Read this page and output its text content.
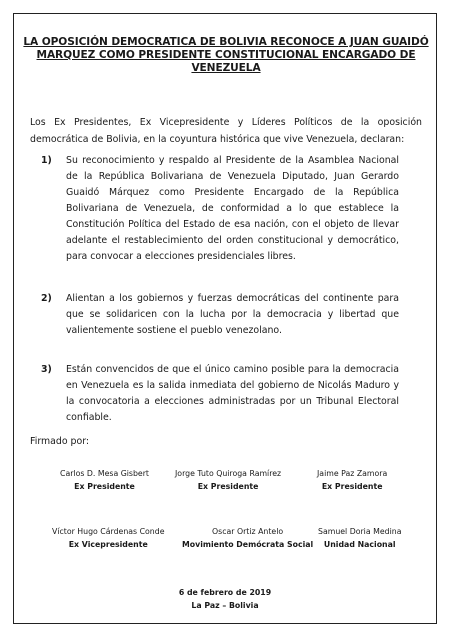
LA OPOSICIÓN DEMOCRATICA DE BOLIVIA RECONOCE A JUAN GUAIDÓ
MARQUEZ COMO PRESIDENTE CONSTITUCIONAL ENCARGADO DE
VENEZUELA
Los Ex Presidentes, Ex Vicepresidente y Líderes Políticos de la oposición democrática de Bolivia, en la coyuntura histórica que vive Venezuela, declaran:
1) Su reconocimiento y respaldo al Presidente de la Asamblea Nacional de la República Bolivariana de Venezuela Diputado, Juan Gerardo Guaidó Márquez como Presidente Encargado de la República Bolivariana de Venezuela, de conformidad a lo que establece la Constitución Política del Estado de esa nación, con el objeto de llevar adelante el restablecimiento del orden constitucional y democrático, para convocar a elecciones presidenciales libres.
2) Alientan a los gobiernos y fuerzas democráticas del continente para que se solidaricen con la lucha por la democracia y libertad que valientemente sostiene el pueblo venezolano.
3) Están convencidos de que el único camino posible para la democracia en Venezuela es la salida inmediata del gobierno de Nicolás Maduro y la convocatoria a elecciones administradas por un Tribunal Electoral confiable.
Firmado por:
Carlos D. Mesa Gisbert
Ex Presidente
Jorge Tuto Quiroga Ramírez
Ex Presidente
Jaime Paz Zamora
Ex Presidente
Víctor Hugo Cárdenas Conde
Ex Vicepresidente
Oscar Ortiz Antelo
Movimiento Demócrata Social
Samuel Doria Medina
Unidad Nacional
6 de febrero de 2019
La Paz – Bolivia
